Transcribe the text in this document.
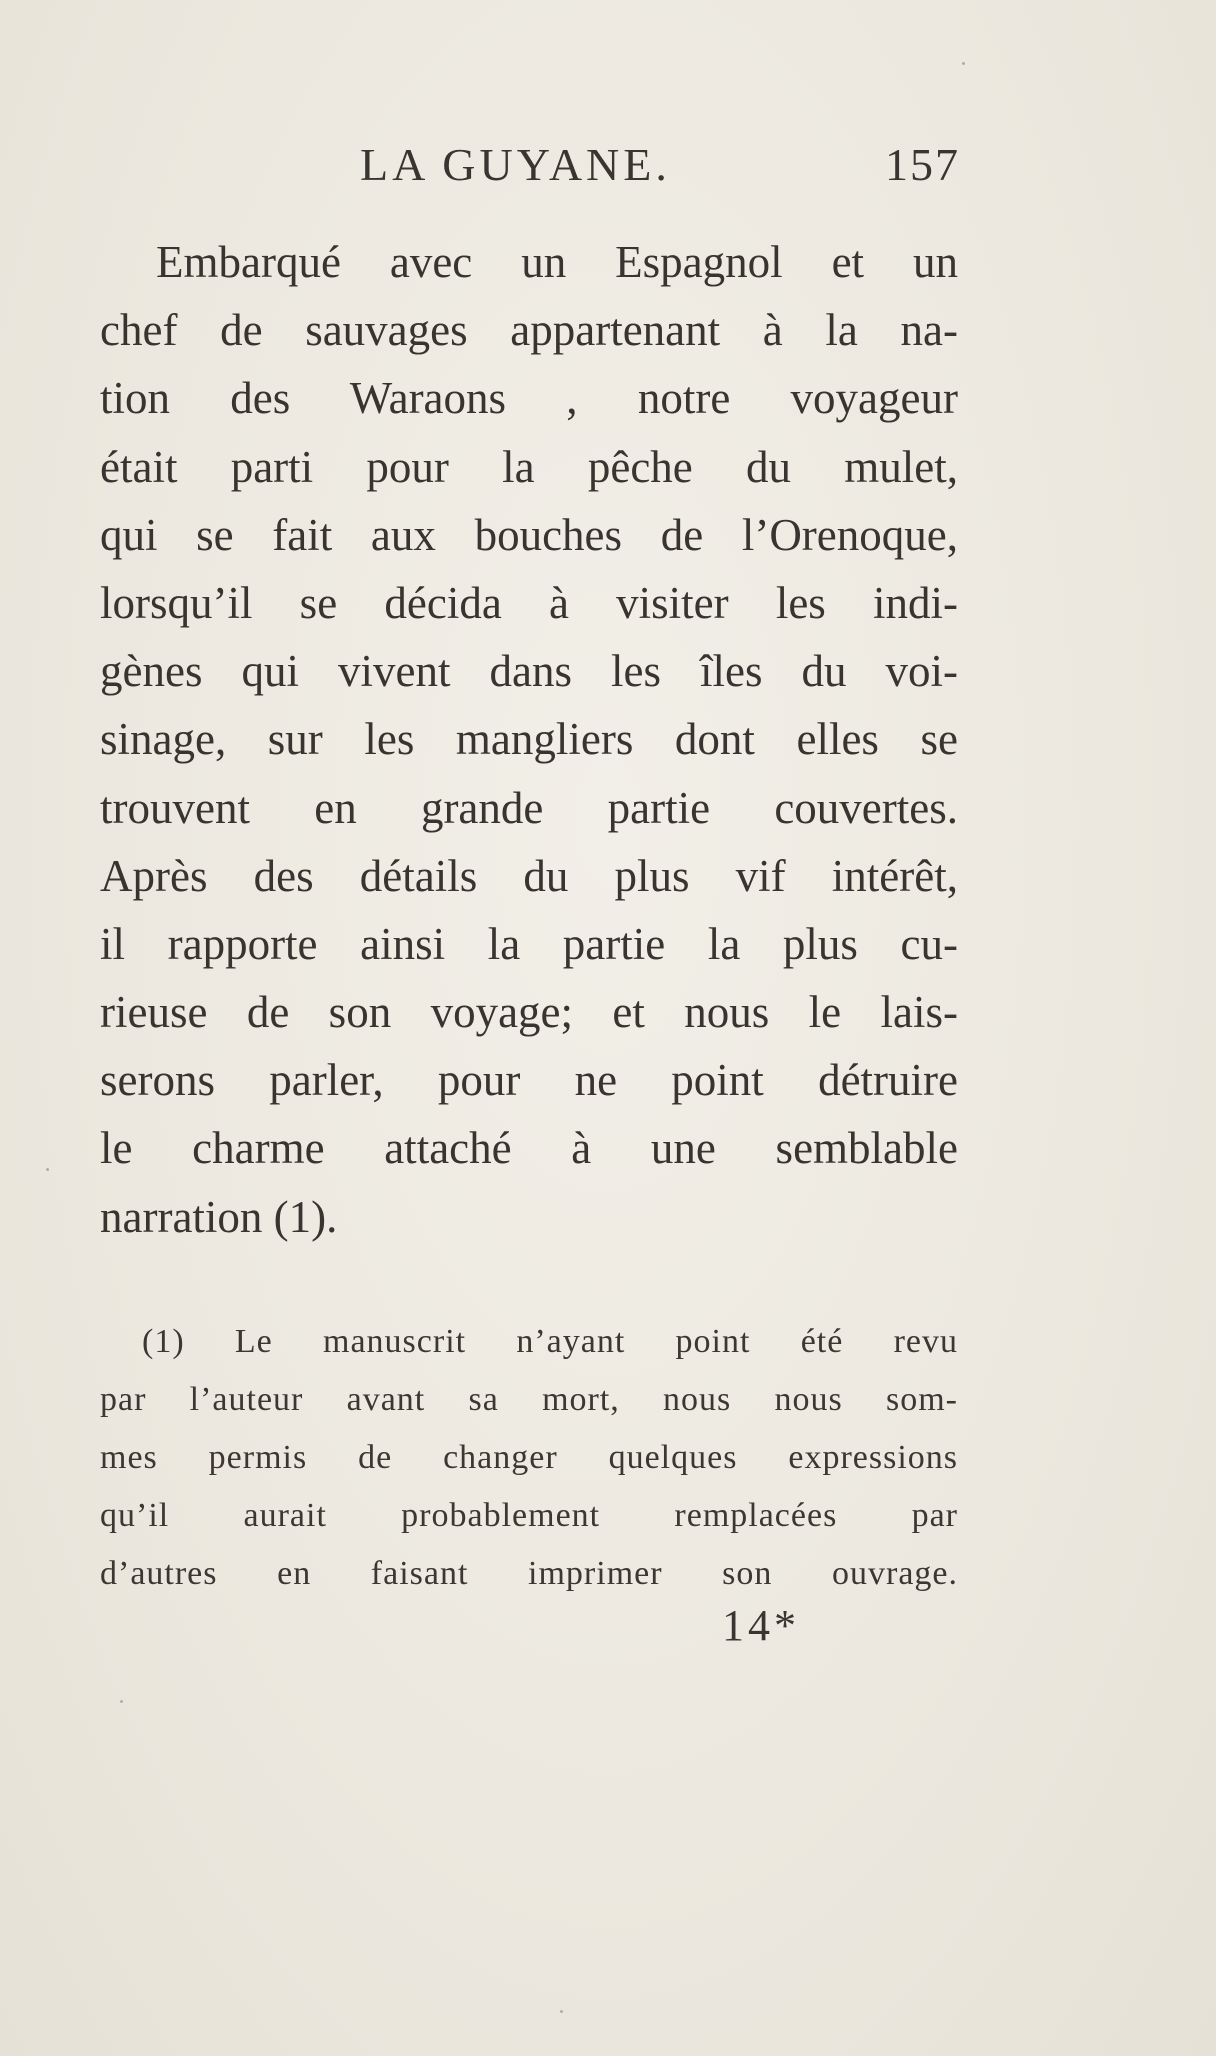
LA GUYANE.	157
Embarqué avec un Espagnol et un
chef de sauvages appartenant à la na-
tion des Waraons , notre voyageur
était parti pour la pêche du mulet,
qui se fait aux bouches de l’Orenoque,
lorsqu’il se décida à visiter les indi-
gènes qui vivent dans les îles du voi-
sinage, sur les mangliers dont elles se
trouvent en grande partie couvertes.
Après des détails du plus vif intérêt,
il rapporte ainsi la partie la plus cu-
rieuse de son voyage; et nous le lais-
serons parler, pour ne point détruire
le charme attaché à une semblable
narration (1).
(1) Le manuscrit n’ayant point été revu
par l’auteur avant sa mort, nous nous som-
mes permis de changer quelques expressions
qu’il aurait probablement remplacées par
d’autres en faisant imprimer son ouvrage.
14*
